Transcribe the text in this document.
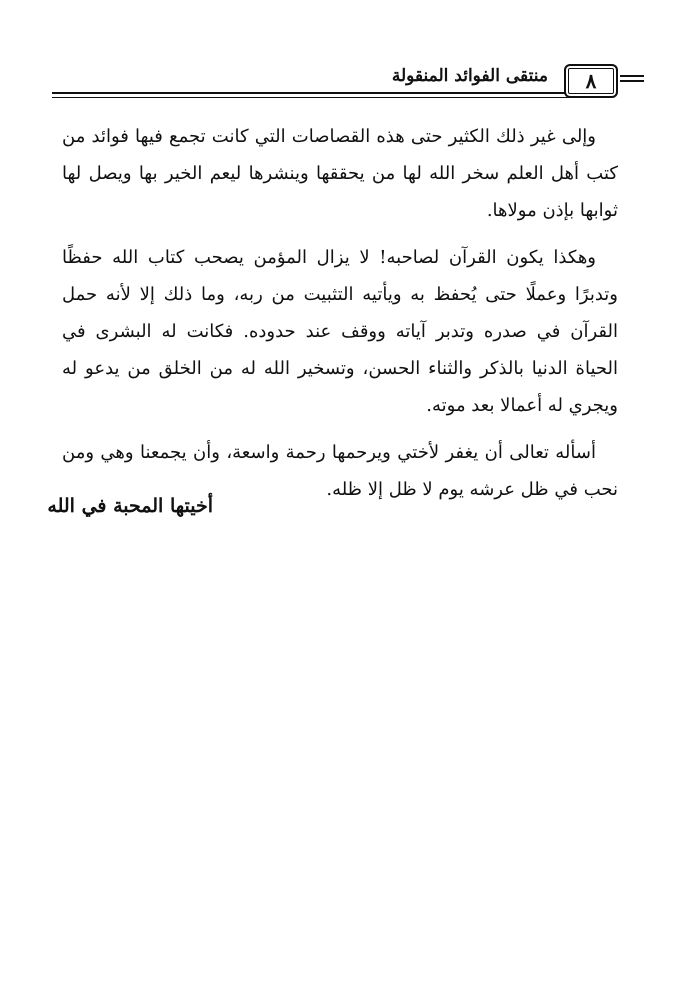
منتقى الفوائد المنقولة ٨

وإلى غير ذلك الكثير حتى هذه القصاصات التي كانت تجمع فيها فوائد من كتب أهل العلم سخر الله لها من يحققها وينشرها ليعم الخير بها ويصل لها ثوابها بإذن مولاها.

وهكذا يكون القرآن لصاحبه! لا يزال المؤمن يصحب كتاب الله حفظًا وتدبرًا وعملًا حتى يُحفظ به ويأتيه التثبيت من ربه، وما ذلك إلا لأنه حمل القرآن في صدره وتدبر آياته ووقف عند حدوده. فكانت له البشرى في الحياة الدنيا بالذكر والثناء الحسن، وتسخير الله له من الخلق من يدعو له ويجري له أعمالا بعد موته.

أسأله تعالى أن يغفر لأختي ويرحمها رحمة واسعة، وأن يجمعنا وهي ومن نحب في ظل عرشه يوم لا ظل إلا ظله.

أخيتها المحبة في الله
